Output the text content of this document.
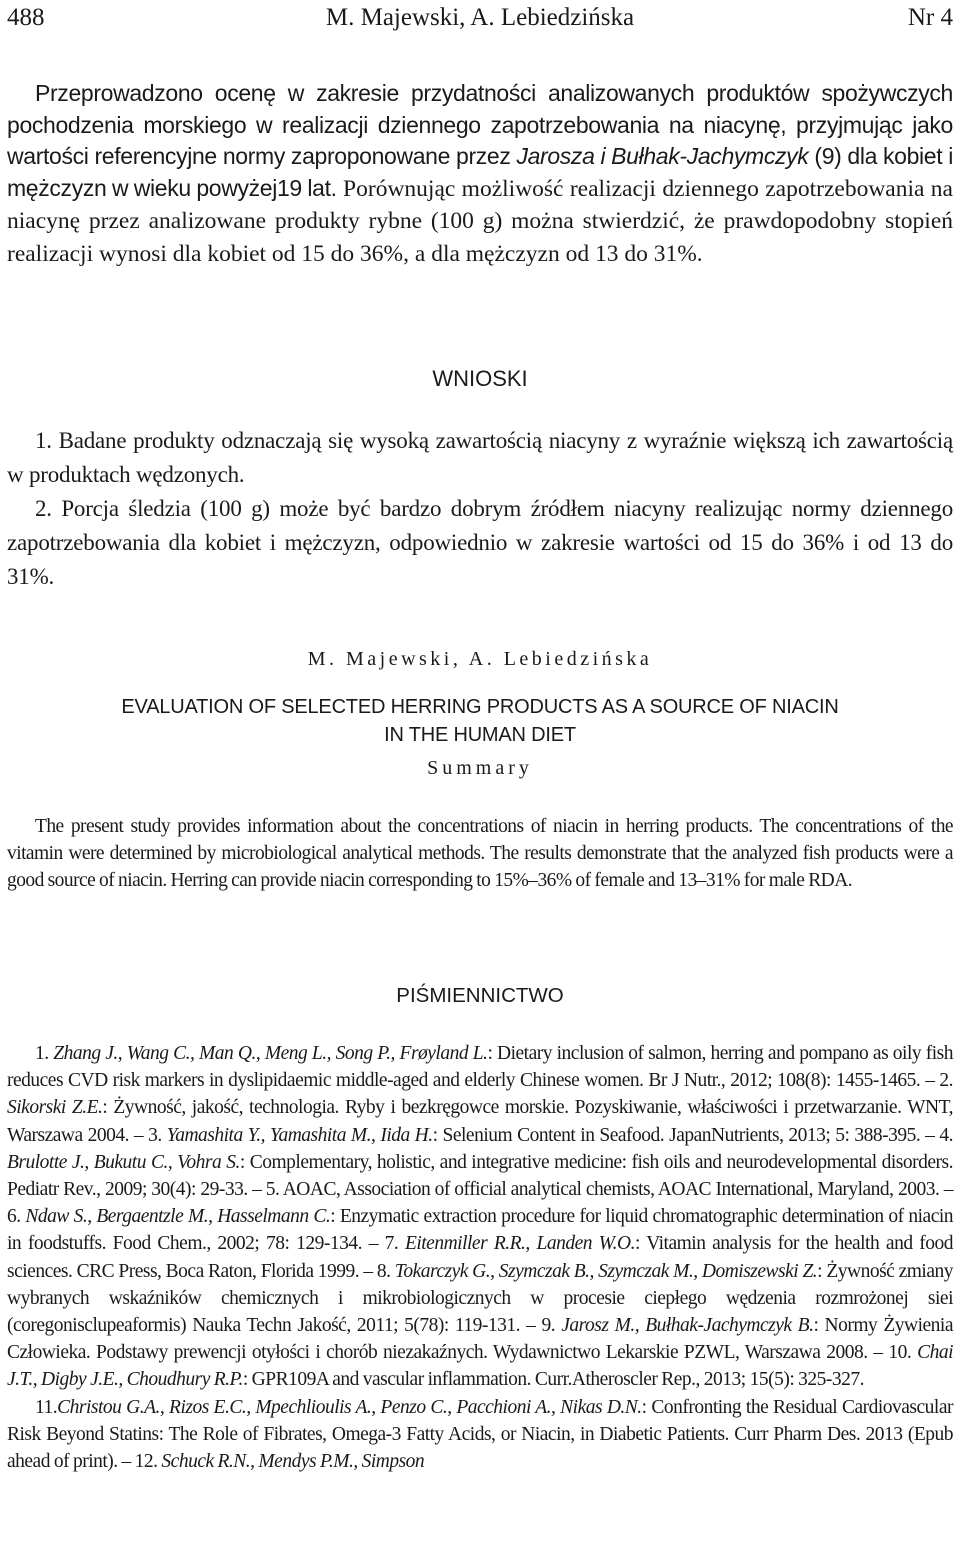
488	M. Majewski, A. Lebiedzińska	Nr 4
Przeprowadzono ocenę w zakresie przydatności analizowanych produktów spożywczych pochodzenia morskiego w realizacji dziennego zapotrzebowania na niacynę, przyjmując jako wartości referencyjne normy zaproponowane przez Jarosza i Bułhak-Jachymczyk (9) dla kobiet i mężczyzn w wieku powyżej19 lat. Porównując możliwość realizacji dziennego zapotrzebowania na niacynę przez analizowane produkty rybne (100 g) można stwierdzić, że prawdopodobny stopień realizacji wynosi dla kobiet od 15 do 36%, a dla mężczyzn od 13 do 31%.
WNIOSKI
1. Badane produkty odznaczają się wysoką zawartością niacyny z wyraźnie większą ich zawartością w produktach wędzonych.
2. Porcja śledzia (100 g) może być bardzo dobrym źródłem niacyny realizując normy dziennego zapotrzebowania dla kobiet i mężczyzn, odpowiednio w zakresie wartości od 15 do 36% i od 13 do 31%.
M. Majewski, A. Lebiedzińska
EVALUATION OF SELECTED HERRING PRODUCTS AS A SOURCE OF NIACIN
IN THE HUMAN DIET
Summary
The present study provides information about the concentrations of niacin in herring products. The concentrations of the vitamin were determined by microbiological analytical methods. The results demonstrate that the analyzed fish products were a good source of niacin. Herring can provide niacin corresponding to 15%–36% of female and 13–31% for male RDA.
PIŚMIENNICTWO
1. Zhang J., Wang C., Man Q., Meng L., Song P., Frøyland L.: Dietary inclusion of salmon, herring and pompano as oily fish reduces CVD risk markers in dyslipidaemic middle-aged and elderly Chinese women. Br J Nutr., 2012; 108(8): 1455-1465. – 2. Sikorski Z.E.: Żywność, jakość, technologia. Ryby i bezkręgowce morskie. Pozyskiwanie, właściwości i przetwarzanie. WNT, Warszawa 2004. – 3. Yamashita Y., Yamashita M., Iida H.: Selenium Content in Seafood. JapanNutrients, 2013; 5: 388-395. – 4. Brulotte J., Bukutu C., Vohra S.: Complementary, holistic, and integrative medicine: fish oils and neurodevelopmental disorders. Pediatr Rev., 2009; 30(4): 29-33. – 5. AOAC, Association of official analytical chemists, AOAC International, Maryland, 2003. – 6. Ndaw S., Bergaentzle M., Hasselmann C.: Enzymatic extraction procedure for liquid chromatographic determination of niacin in foodstuffs. Food Chem., 2002; 78: 129-134. – 7. Eitenmiller R.R., Landen W.O.: Vitamin analysis for the health and food sciences. CRC Press, Boca Raton, Florida 1999. – 8. Tokarczyk G., Szymczak B., Szymczak M., Domiszewski Z.: Żywność zmiany wybranych wskaźników chemicznych i mikrobiologicznych w procesie ciepłego wędzenia rozmrożonej siei (coregonisclupeaformis) Nauka Techn Jakość, 2011; 5(78): 119-131. – 9. Jarosz M., Bułhak-Jachymczyk B.: Normy Żywienia Człowieka. Podstawy prewencji otyłości i chorób niezakaźnych. Wydawnictwo Lekarskie PZWL, Warszawa 2008. – 10. Chai J.T., Digby J.E., Choudhury R.P.: GPR109A and vascular inflammation. Curr.Atheroscler Rep., 2013; 15(5): 325-327.
11.Christou G.A., Rizos E.C., Mpechlioulis A., Penzo C., Pacchioni A., Nikas D.N.: Confronting the Residual Cardiovascular Risk Beyond Statins: The Role of Fibrates, Omega-3 Fatty Acids, or Niacin, in Diabetic Patients. Curr Pharm Des. 2013 (Epub ahead of print). – 12. Schuck R.N., Mendys P.M., Simpson
